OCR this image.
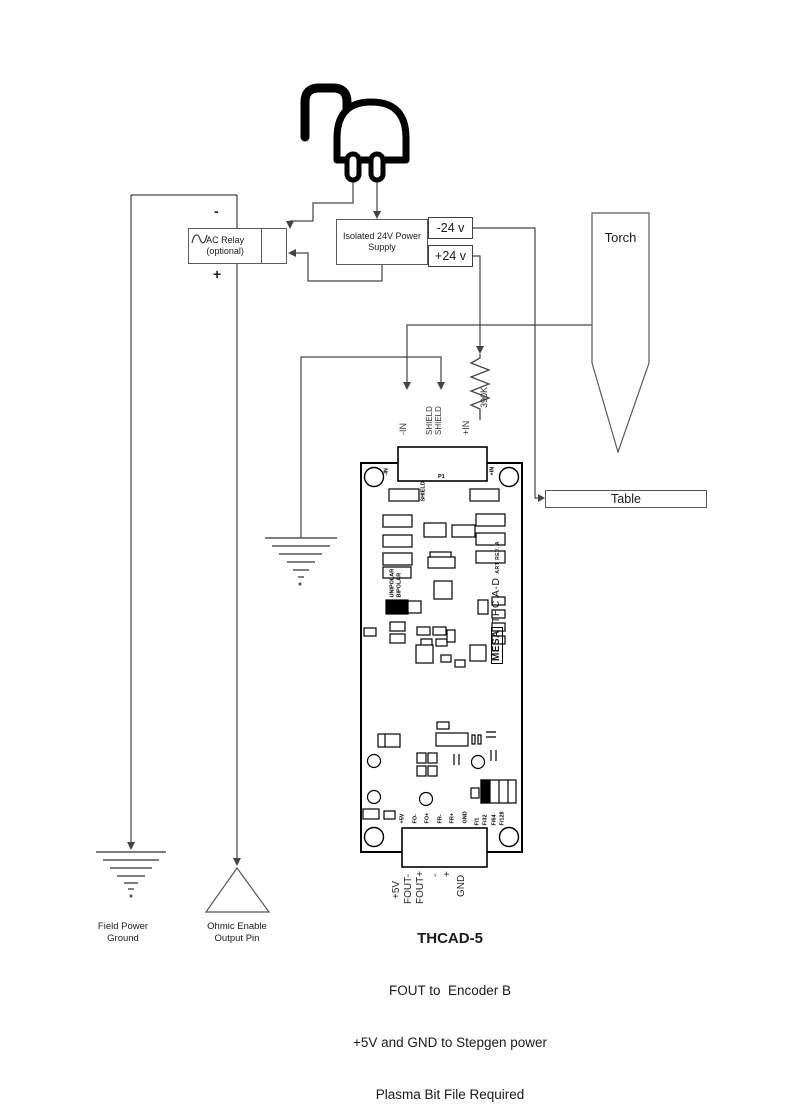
-
+
AC Relay
(optional)
Isolated 24V Power
Supply
-24 v
+24 v
Torch
Table
-IN SHIELD SHIELD +IN
390K
-IN	+IN
SHIELD
P1
UNIPOLAR BIPOLAR
+5V FO- FO+ FR- FR+ GND F/1 F/32 F/64 F/128
MESA
THC A-D
ART REV. A
+5V FOUT- FOUT+ - +
GND
Field Power
Ground
Ohmic Enable
Output Pin

	THCAD-5

FOUT to  Encoder B

+5V and GND to Stepgen power

Plasma Bit File Required
